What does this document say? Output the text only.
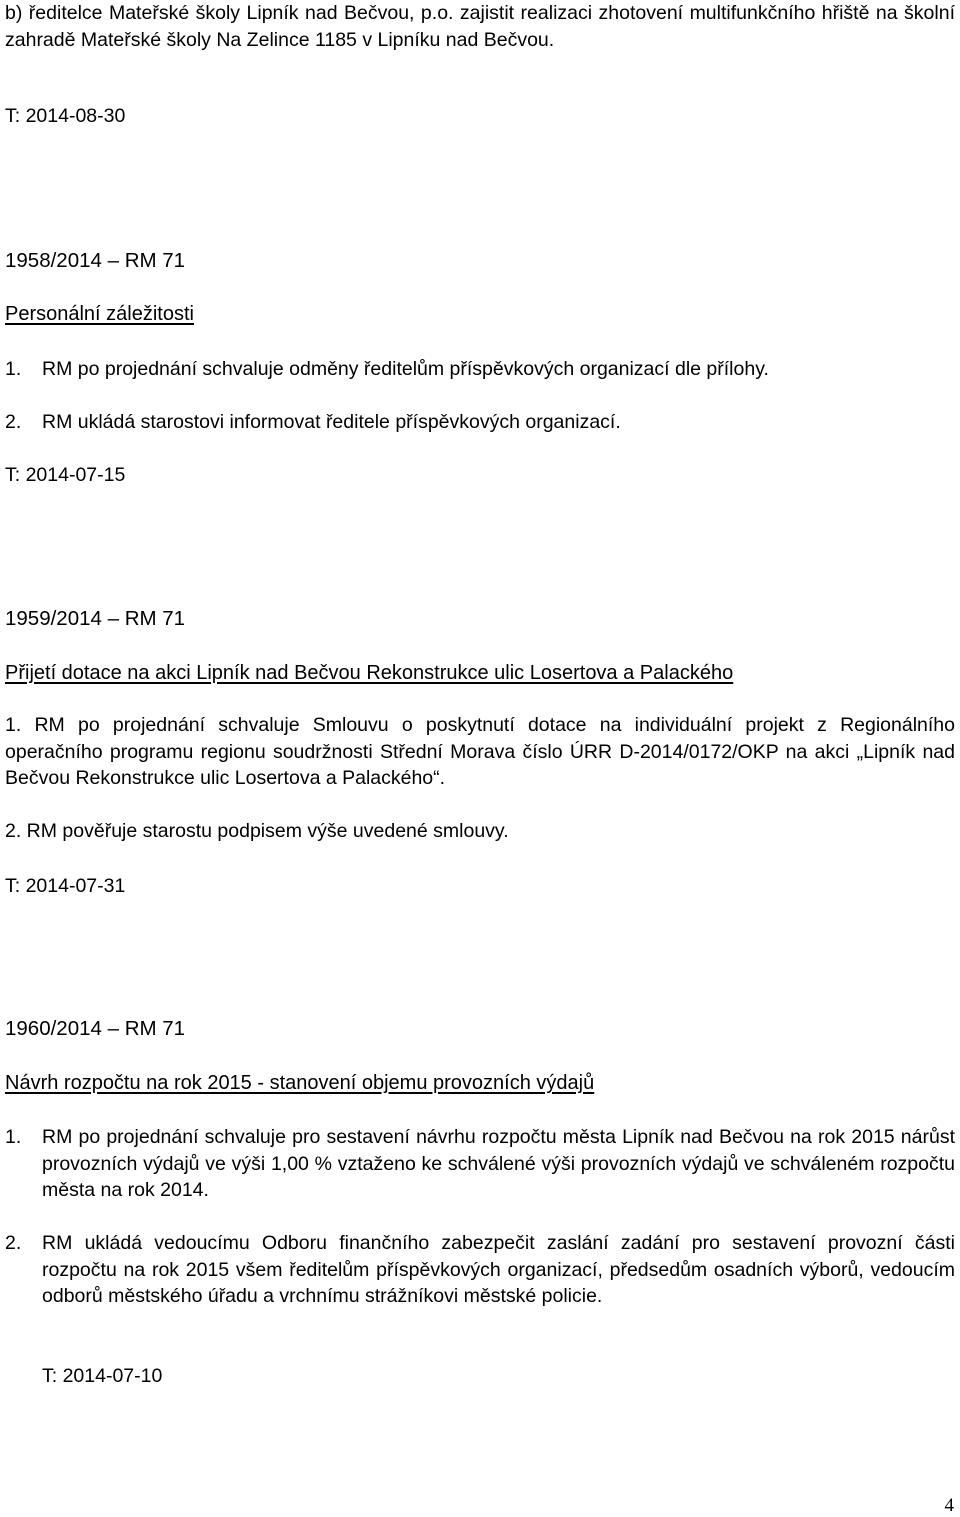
b) ředitelce Mateřské školy Lipník nad Bečvou, p.o. zajistit realizaci zhotovení multifunkčního hřiště na školní zahradě Mateřské školy Na Zelince 1185 v Lipníku nad Bečvou.
T: 2014-08-30
1958/2014 – RM 71
Personální záležitosti
1. RM po projednání schvaluje odměny ředitelům příspěvkových organizací dle přílohy.
2. RM ukládá starostovi informovat ředitele příspěvkových organizací.
T: 2014-07-15
1959/2014 – RM 71
Přijetí dotace na akci Lipník nad Bečvou Rekonstrukce ulic Losertova a Palackého
1. RM po projednání schvaluje Smlouvu o poskytnutí dotace na individuální projekt z Regionálního operačního programu regionu soudržnosti Střední Morava číslo ÚRR D-2014/0172/OKP na akci „Lipník nad Bečvou Rekonstrukce ulic Losertova a Palackého“.
2. RM pověřuje starostu podpisem výše uvedené smlouvy.
T: 2014-07-31
1960/2014 – RM 71
Návrh rozpočtu na rok 2015 - stanovení objemu provozních výdajů
1. RM po projednání schvaluje pro sestavení návrhu rozpočtu města Lipník nad Bečvou na rok 2015 nárůst provozních výdajů ve výši 1,00 % vztaženo ke schválené výši provozních výdajů ve schváleném rozpočtu města na rok 2014.
2. RM ukládá vedoucímu Odboru finančního zabezpečit zaslání zadání pro sestavení provozní části rozpočtu na rok 2015 všem ředitelům příspěvkových organizací, předsedům osadních výborů, vedoucím odborů městského úřadu a vrchnímu strážníkovi městské policie.
T: 2014-07-10
4
